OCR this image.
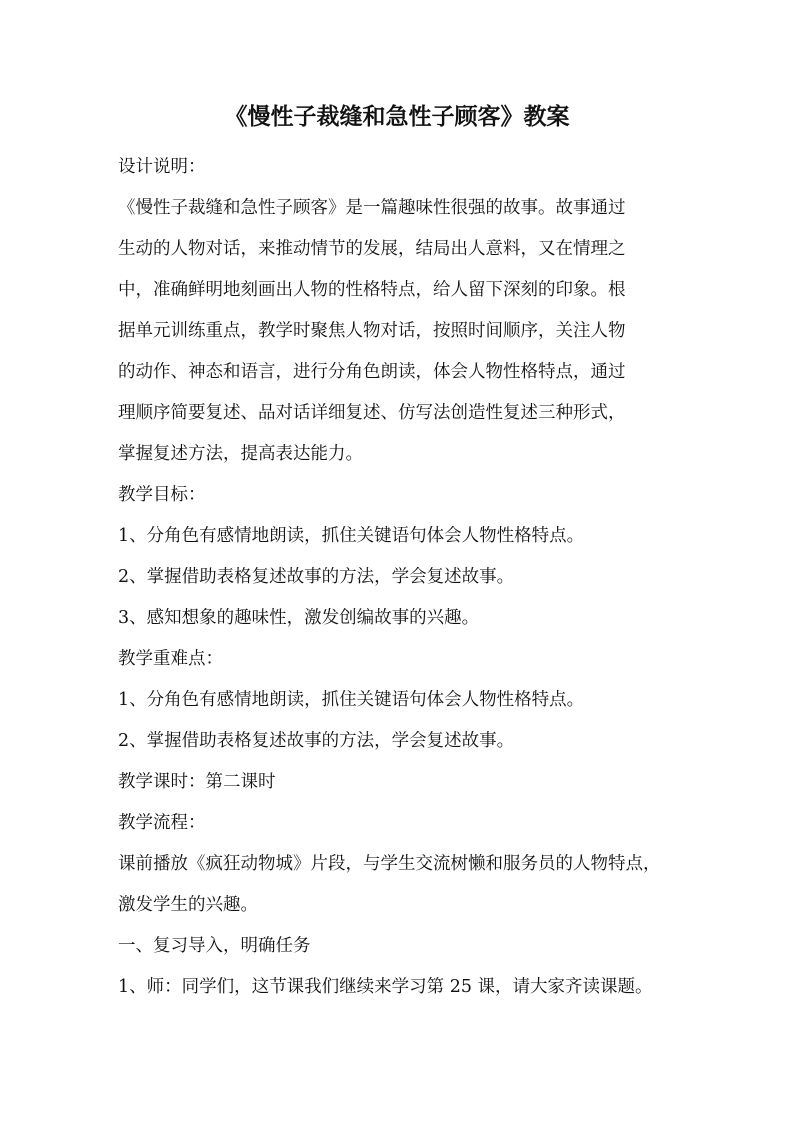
《慢性子裁缝和急性子顾客》教案

设计说明：

《慢性子裁缝和急性子顾客》是一篇趣味性很强的故事。故事通过

生动的人物对话，来推动情节的发展，结局出人意料，又在情理之

中，准确鲜明地刻画出人物的性格特点，给人留下深刻的印象。根

据单元训练重点，教学时聚焦人物对话，按照时间顺序，关注人物

的动作、神态和语言，进行分角色朗读，体会人物性格特点，通过

理顺序简要复述、品对话详细复述、仿写法创造性复述三种形式，

掌握复述方法，提高表达能力。

教学目标：

1、分角色有感情地朗读，抓住关键语句体会人物性格特点。

2、掌握借助表格复述故事的方法，学会复述故事。

3、感知想象的趣味性，激发创编故事的兴趣。

教学重难点：

1、分角色有感情地朗读，抓住关键语句体会人物性格特点。

2、掌握借助表格复述故事的方法，学会复述故事。

教学课时：第二课时

教学流程：

课前播放《疯狂动物城》片段，与学生交流树懒和服务员的人物特点，

激发学生的兴趣。

一、复习导入，明确任务

1、师：同学们，这节课我们继续来学习第 25 课，请大家齐读课题。
